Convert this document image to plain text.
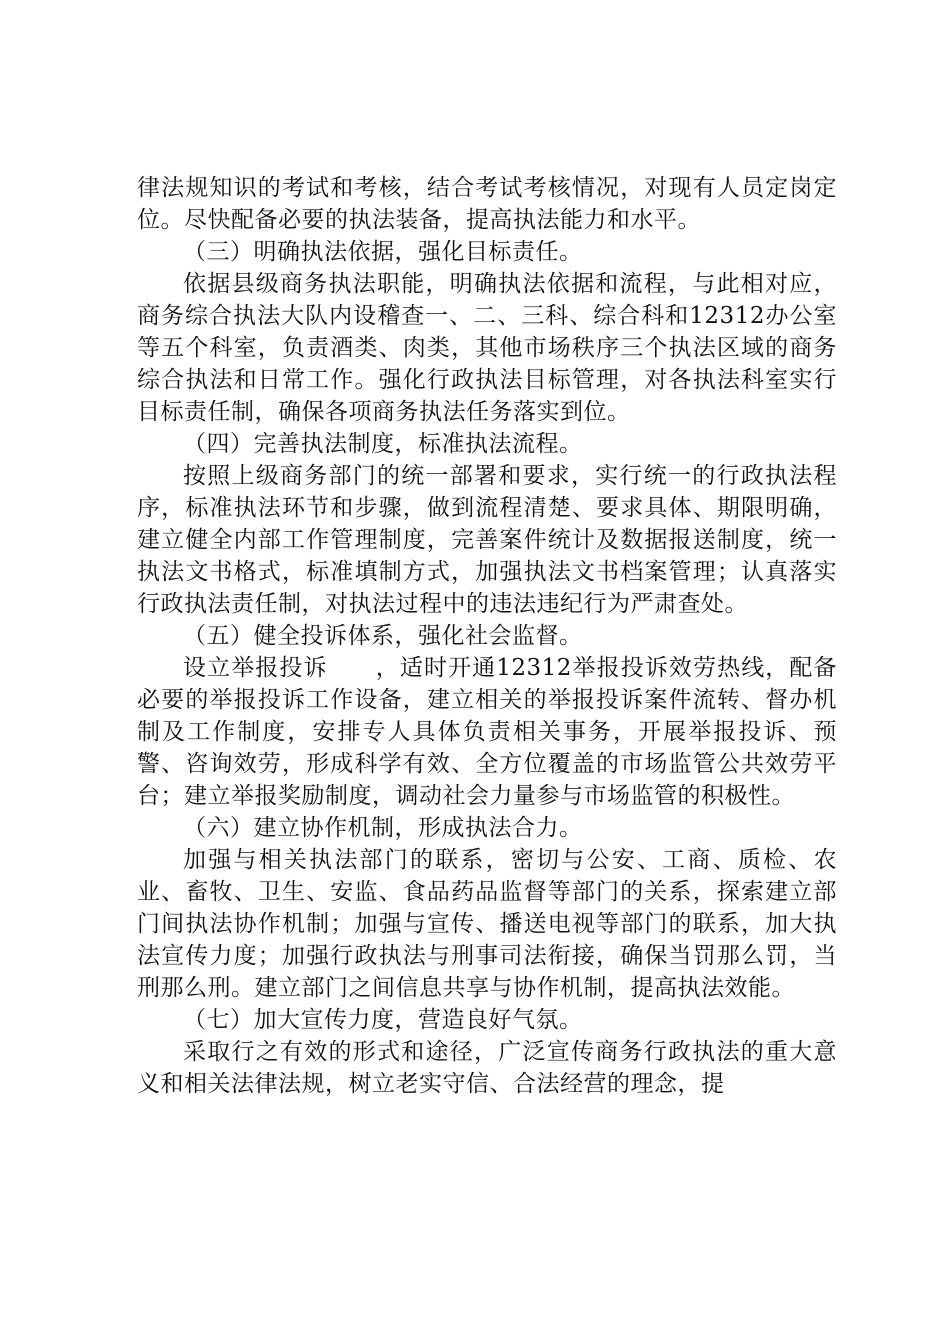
律法规知识的考试和考核，结合考试考核情况，对现有人员定岗定位。尽快配备必要的执法装备，提高执法能力和水平。

（三）明确执法依据，强化目标责任。

依据县级商务执法职能，明确执法依据和流程，与此相对应，商务综合执法大队内设稽查一、二、三科、综合科和12312办公室等五个科室，负责酒类、肉类，其他市场秩序三个执法区域的商务综合执法和日常工作。强化行政执法目标管理，对各执法科室实行目标责任制，确保各项商务执法任务落实到位。

（四）完善执法制度，标准执法流程。

按照上级商务部门的统一部署和要求，实行统一的行政执法程序，标准执法环节和步骤，做到流程清楚、要求具体、期限明确，建立健全内部工作管理制度，完善案件统计及数据报送制度，统一执法文书格式，标准填制方式，加强执法文书档案管理；认真落实行政执法责任制，对执法过程中的违法违纪行为严肃查处。

（五）健全投诉体系，强化社会监督。

设立举报投诉　　，适时开通12312举报投诉效劳热线，配备必要的举报投诉工作设备，建立相关的举报投诉案件流转、督办机制及工作制度，安排专人具体负责相关事务，开展举报投诉、预警、咨询效劳，形成科学有效、全方位覆盖的市场监管公共效劳平台；建立举报奖励制度，调动社会力量参与市场监管的积极性。

（六）建立协作机制，形成执法合力。

加强与相关执法部门的联系，密切与公安、工商、质检、农业、畜牧、卫生、安监、食品药品监督等部门的关系，探索建立部门间执法协作机制；加强与宣传、播送电视等部门的联系，加大执法宣传力度；加强行政执法与刑事司法衔接，确保当罚那么罚，当刑那么刑。建立部门之间信息共享与协作机制，提高执法效能。

（七）加大宣传力度，营造良好气氛。

采取行之有效的形式和途径，广泛宣传商务行政执法的重大意义和相关法律法规，树立老实守信、合法经营的理念，提
